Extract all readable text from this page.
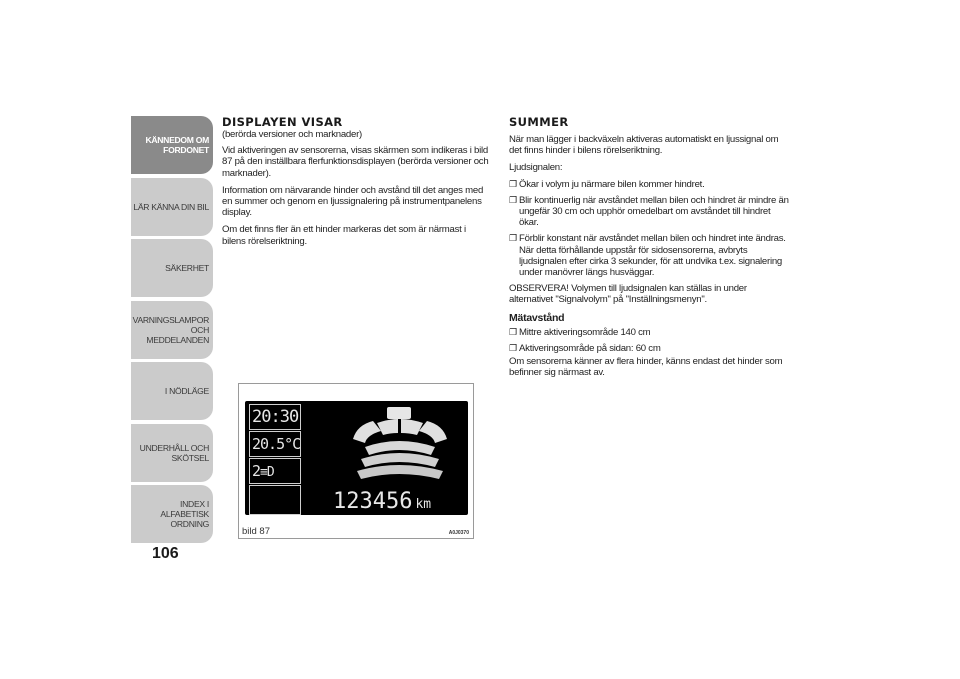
KÄNNEDOM OM
FORDONET
LÄR KÄNNA DIN BIL
SÄKERHET
VARNINGSLAMPOR
OCH MEDDELANDEN
I NÖDLÄGE
UNDERHÅLL OCH
SKÖTSEL
INDEX I ALFABETISK
ORDNING
106
DISPLAYEN VISAR

(berörda versioner och marknader)

Vid aktiveringen av sensorerna, visas skärmen som indikeras i bild 87 på den inställbara flerfunktionsdisplayen (berörda versioner och marknader).

Information om närvarande hinder och avstånd till det anges med en summer och genom en ljussignalering på instrumentpanelens display.

Om det finns fler än ett hinder markeras det som är närmast i bilens rörelseriktning.

20:30
20.5°C
2≡D
123456 km
bild 87	A0J0370
SUMMER

När man lägger i backväxeln aktiveras automatiskt en ljussignal om det finns hinder i bilens rörelseriktning.

Ljudsignalen:

❐ Ökar i volym ju närmare bilen kommer hindret.
❐ Blir kontinuerlig när avståndet mellan bilen och hindret är mindre än ungefär 30 cm och upphör omedelbart om avståndet till hindret ökar.
❐ Förblir konstant när avståndet mellan bilen och hindret inte ändras. När detta förhållande uppstår för sidosensorerna, avbryts ljudsignalen efter cirka 3 sekunder, för att undvika t.ex. signalering under manövrer längs husväggar.

OBSERVERA! Volymen till ljudsignalen kan ställas in under alternativet "Signalvolym" på "Inställningsmenyn".

Mätavstånd
❐ Mittre aktiveringsområde 140 cm
❐ Aktiveringsområde på sidan: 60 cm

Om sensorerna känner av flera hinder, känns endast det hinder som befinner sig närmast av.
